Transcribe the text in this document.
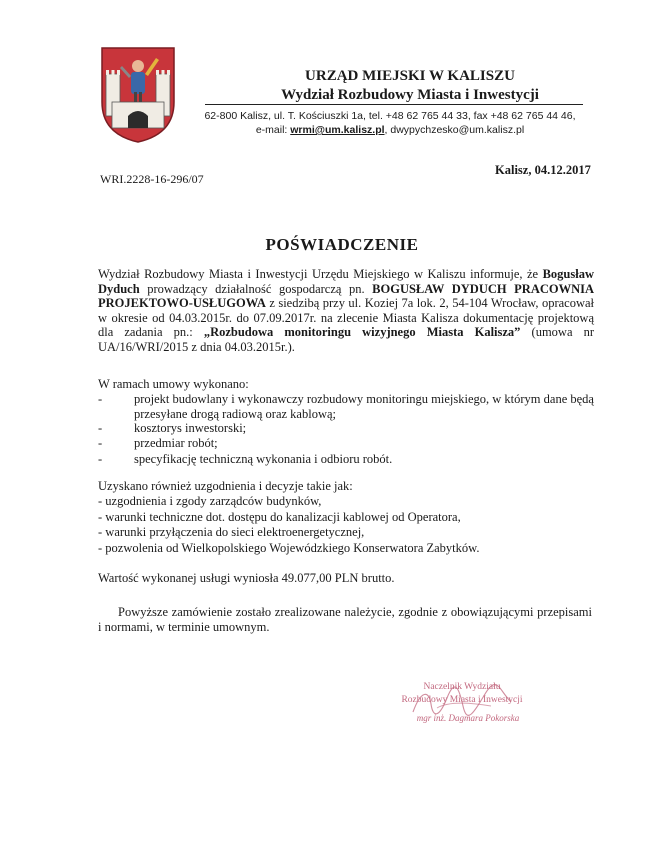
URZĄD MIEJSKI W KALISZU
Wydział Rozbudowy Miasta i Inwestycji
62-800 Kalisz, ul. T. Kościuszki 1a, tel. +48 62 765 44 33, fax +48 62 765 44 46,
e-mail: wrmi@um.kalisz.pl, dwypychzesko@um.kalisz.pl
WRI.2228-16-296/07
Kalisz, 04.12.2017
POŚWIADCZENIE
Wydział Rozbudowy Miasta i Inwestycji Urzędu Miejskiego w Kaliszu informuje, że Bogusław Dyduch prowadzący działalność gospodarczą pn. BOGUSŁAW DYDUCH PRACOWNIA PROJEKTOWO-USŁUGOWA z siedzibą przy ul. Koziej 7a lok. 2, 54-104 Wrocław, opracował w okresie od 04.03.2015r. do 07.09.2017r. na zlecenie Miasta Kalisza dokumentację projektową dla zadania pn.: „Rozbudowa monitoringu wizyjnego Miasta Kalisza” (umowa nr UA/16/WRI/2015 z dnia 04.03.2015r.).
W ramach umowy wykonano:
-	projekt budowlany i wykonawczy rozbudowy monitoringu miejskiego, w którym dane będą przesyłane drogą radiową oraz kablową;
-	kosztorys inwestorski;
-	przedmiar robót;
-	specyfikację techniczną wykonania i odbioru robót.
Uzyskano również uzgodnienia i decyzje takie jak:
- uzgodnienia i zgody zarządców budynków,
- warunki techniczne dot. dostępu do kanalizacji kablowej od Operatora,
- warunki przyłączenia do sieci elektroenergetycznej,
- pozwolenia od Wielkopolskiego Wojewódzkiego Konserwatora Zabytków.
Wartość wykonanej usługi wyniosła 49.077,00 PLN brutto.
Powyższe zamówienie zostało zrealizowane należycie, zgodnie z obowiązującymi przepisami i normami, w terminie umownym.
Naczelnik Wydziału
Rozbudowy Miasta i Inwestycji
mgr inż. Dagmara Pokorska
